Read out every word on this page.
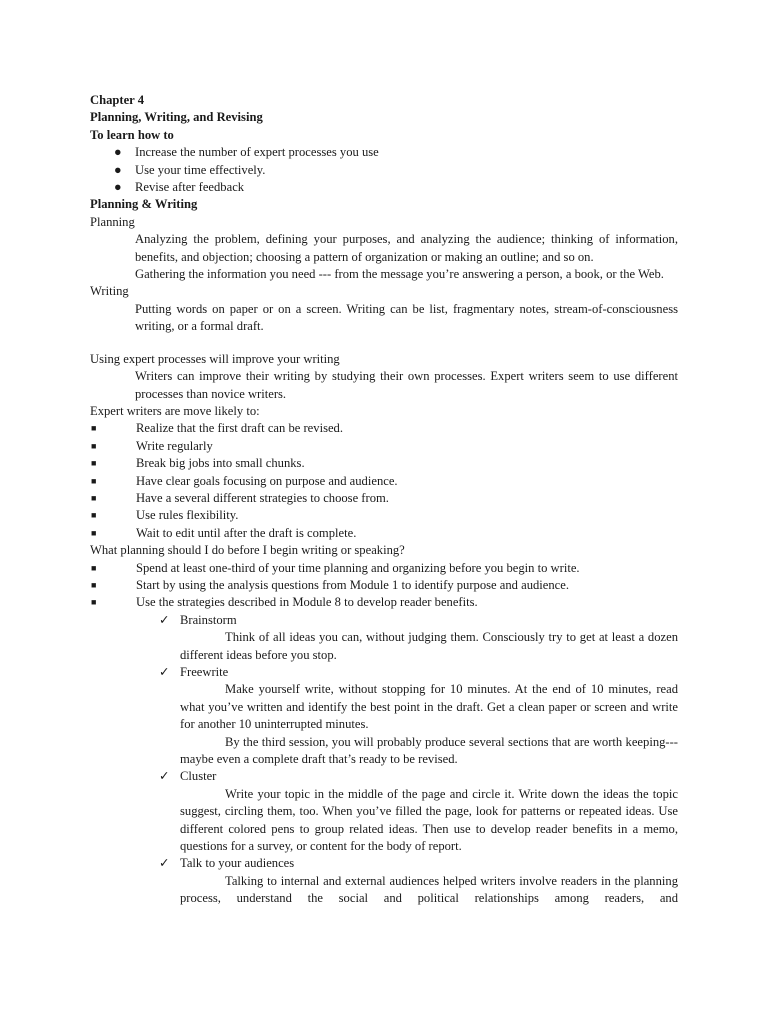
Chapter 4

Planning, Writing, and Revising

To learn how to

●	Increase the number of expert processes you use
●	Use your time effectively.
●	Revise after feedback

Planning & Writing

Planning

Analyzing the problem, defining your purposes, and analyzing the audience; thinking of information, benefits, and objection; choosing a pattern of organization or making an outline; and so on.

Gathering the information you need --- from the message you’re answering a person, a book, or the Web.

Writing

Putting words on paper or on a screen. Writing can be list, fragmentary notes, stream-of-consciousness writing, or a formal draft.

Using expert processes will improve your writing

Writers can improve their writing by studying their own processes. Expert writers seem to use different processes than novice writers.

Expert writers are move likely to:

■	Realize that the first draft can be revised.
■	Write regularly
■	Break big jobs into small chunks.
■	Have clear goals focusing on purpose and audience.
■	Have a several different strategies to choose from.
■	Use rules flexibility.
■	Wait to edit until after the draft is complete.

What planning should I do before I begin writing or speaking?

■	Spend at least one-third of your time planning and organizing before you begin to write.
■	Start by using the analysis questions from Module 1 to identify purpose and audience.
■	Use the strategies described in Module 8 to develop reader benefits.
✓ Brainstorm

Think of all ideas you can, without judging them. Consciously try to get at least a dozen different ideas before you stop.

✓ Freewrite

Make yourself write, without stopping for 10 minutes. At the end of 10 minutes, read what you’ve written and identify the best point in the draft. Get a clean paper or screen and write for another 10 uninterrupted minutes.

By the third session, you will probably produce several sections that are worth keeping---maybe even a complete draft that’s ready to be revised.

✓ Cluster

Write your topic in the middle of the page and circle it. Write down the ideas the topic suggest, circling them, too. When you’ve filled the page, look for patterns or repeated ideas. Use different colored pens to group related ideas. Then use to develop reader benefits in a memo, questions for a survey, or content for the body of report.

✓ Talk to your audiences

Talking to internal and external audiences helped writers involve readers in the planning process, understand the social and political relationships among readers, and
